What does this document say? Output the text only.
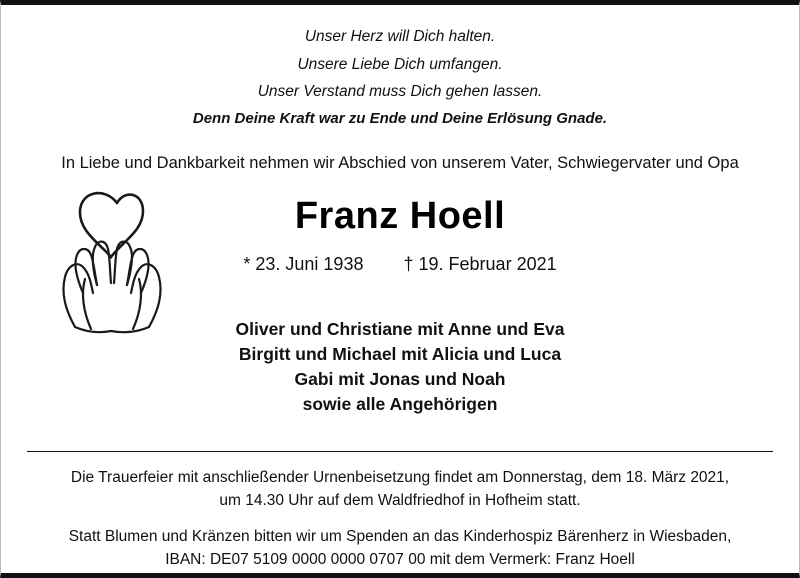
Unser Herz will Dich halten.
Unsere Liebe Dich umfangen.
Unser Verstand muss Dich gehen lassen.
Denn Deine Kraft war zu Ende und Deine Erlösung Gnade.
In Liebe und Dankbarkeit nehmen wir Abschied von unserem Vater, Schwiegervater und Opa
Franz Hoell
* 23. Juni 1938 † 19. Februar 2021
Oliver und Christiane mit Anne und Eva
Birgitt und Michael mit Alicia und Luca
Gabi mit Jonas und Noah
sowie alle Angehörigen
Die Trauerfeier mit anschließender Urnenbeisetzung findet am Donnerstag, dem 18. März 2021,
um 14.30 Uhr auf dem Waldfriedhof in Hofheim statt.
Statt Blumen und Kränzen bitten wir um Spenden an das Kinderhospiz Bärenherz in Wiesbaden,
IBAN: DE07 5109 0000 0000 0707 00 mit dem Vermerk: Franz Hoell
